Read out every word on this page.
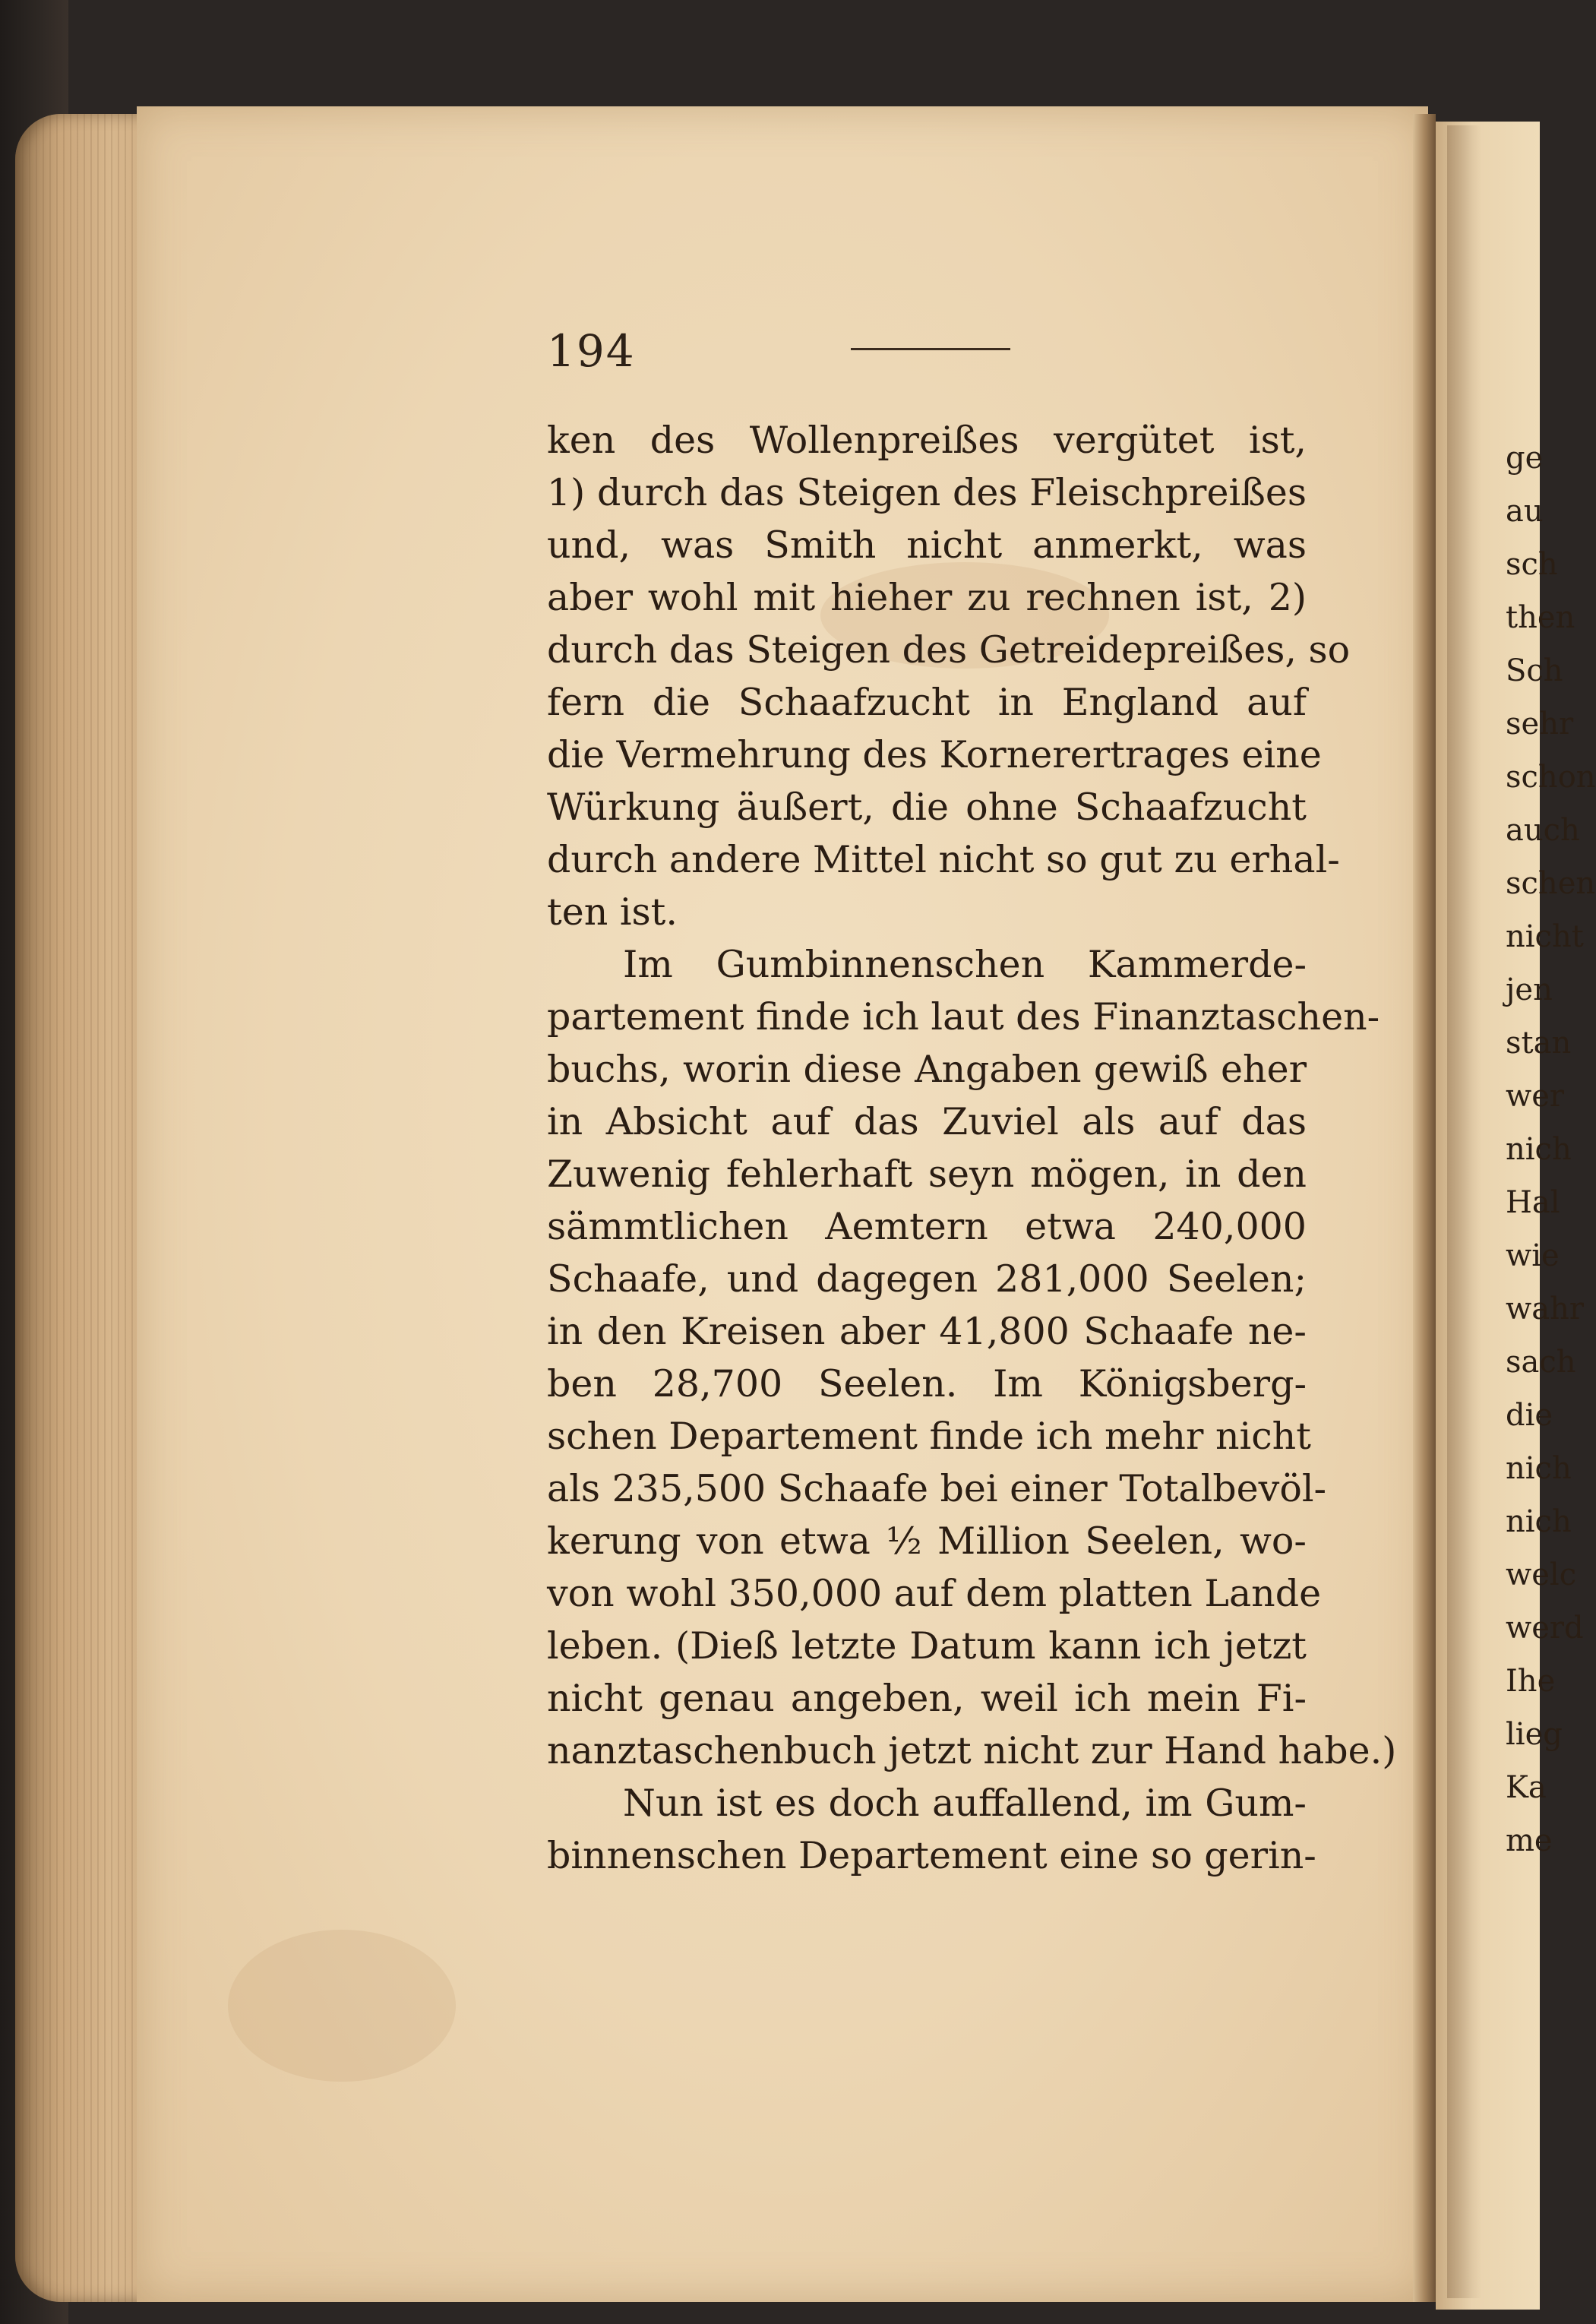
194
ken des Wollenpreißes vergütet ist,
1) durch das Steigen des Fleischpreißes
und, was Smith nicht anmerkt, was
aber wohl mit hieher zu rechnen ist, 2)
durch das Steigen des Getreidepreißes, so
fern die Schaafzucht in England auf
die Vermehrung des Kornerertrages eine
Würkung äußert, die ohne Schaafzucht
durch andere Mittel nicht so gut zu erhal-
ten ist.
Im Gumbinnenschen Kammerde-
partement finde ich laut des Finanztaschen-
buchs, worin diese Angaben gewiß eher
in Absicht auf das Zuviel als auf das
Zuwenig fehlerhaft seyn mögen, in den
sämmtlichen Aemtern etwa 240,000
Schaafe, und dagegen 281,000 Seelen;
in den Kreisen aber 41,800 Schaafe ne-
ben 28,700 Seelen. Im Königsberg-
schen Departement finde ich mehr nicht
als 235,500 Schaafe bei einer Totalbevöl-
kerung von etwa ½ Million Seelen, wo-
von wohl 350,000 auf dem platten Lande
leben. (Dieß letzte Datum kann ich jetzt
nicht genau angeben, weil ich mein Fi-
nanztaschenbuch jetzt nicht zur Hand habe.)
Nun ist es doch auffallend, im Gum-
binnenschen Departement eine so gerin-
ge
au
sch
then
Sch
sehr
schon
auch
schen
nicht
jen
stan
wer
nich
Hal
wie
wahr
sach
die
nich
nich
welc
werd
Ihe
lieg
Ka
me
